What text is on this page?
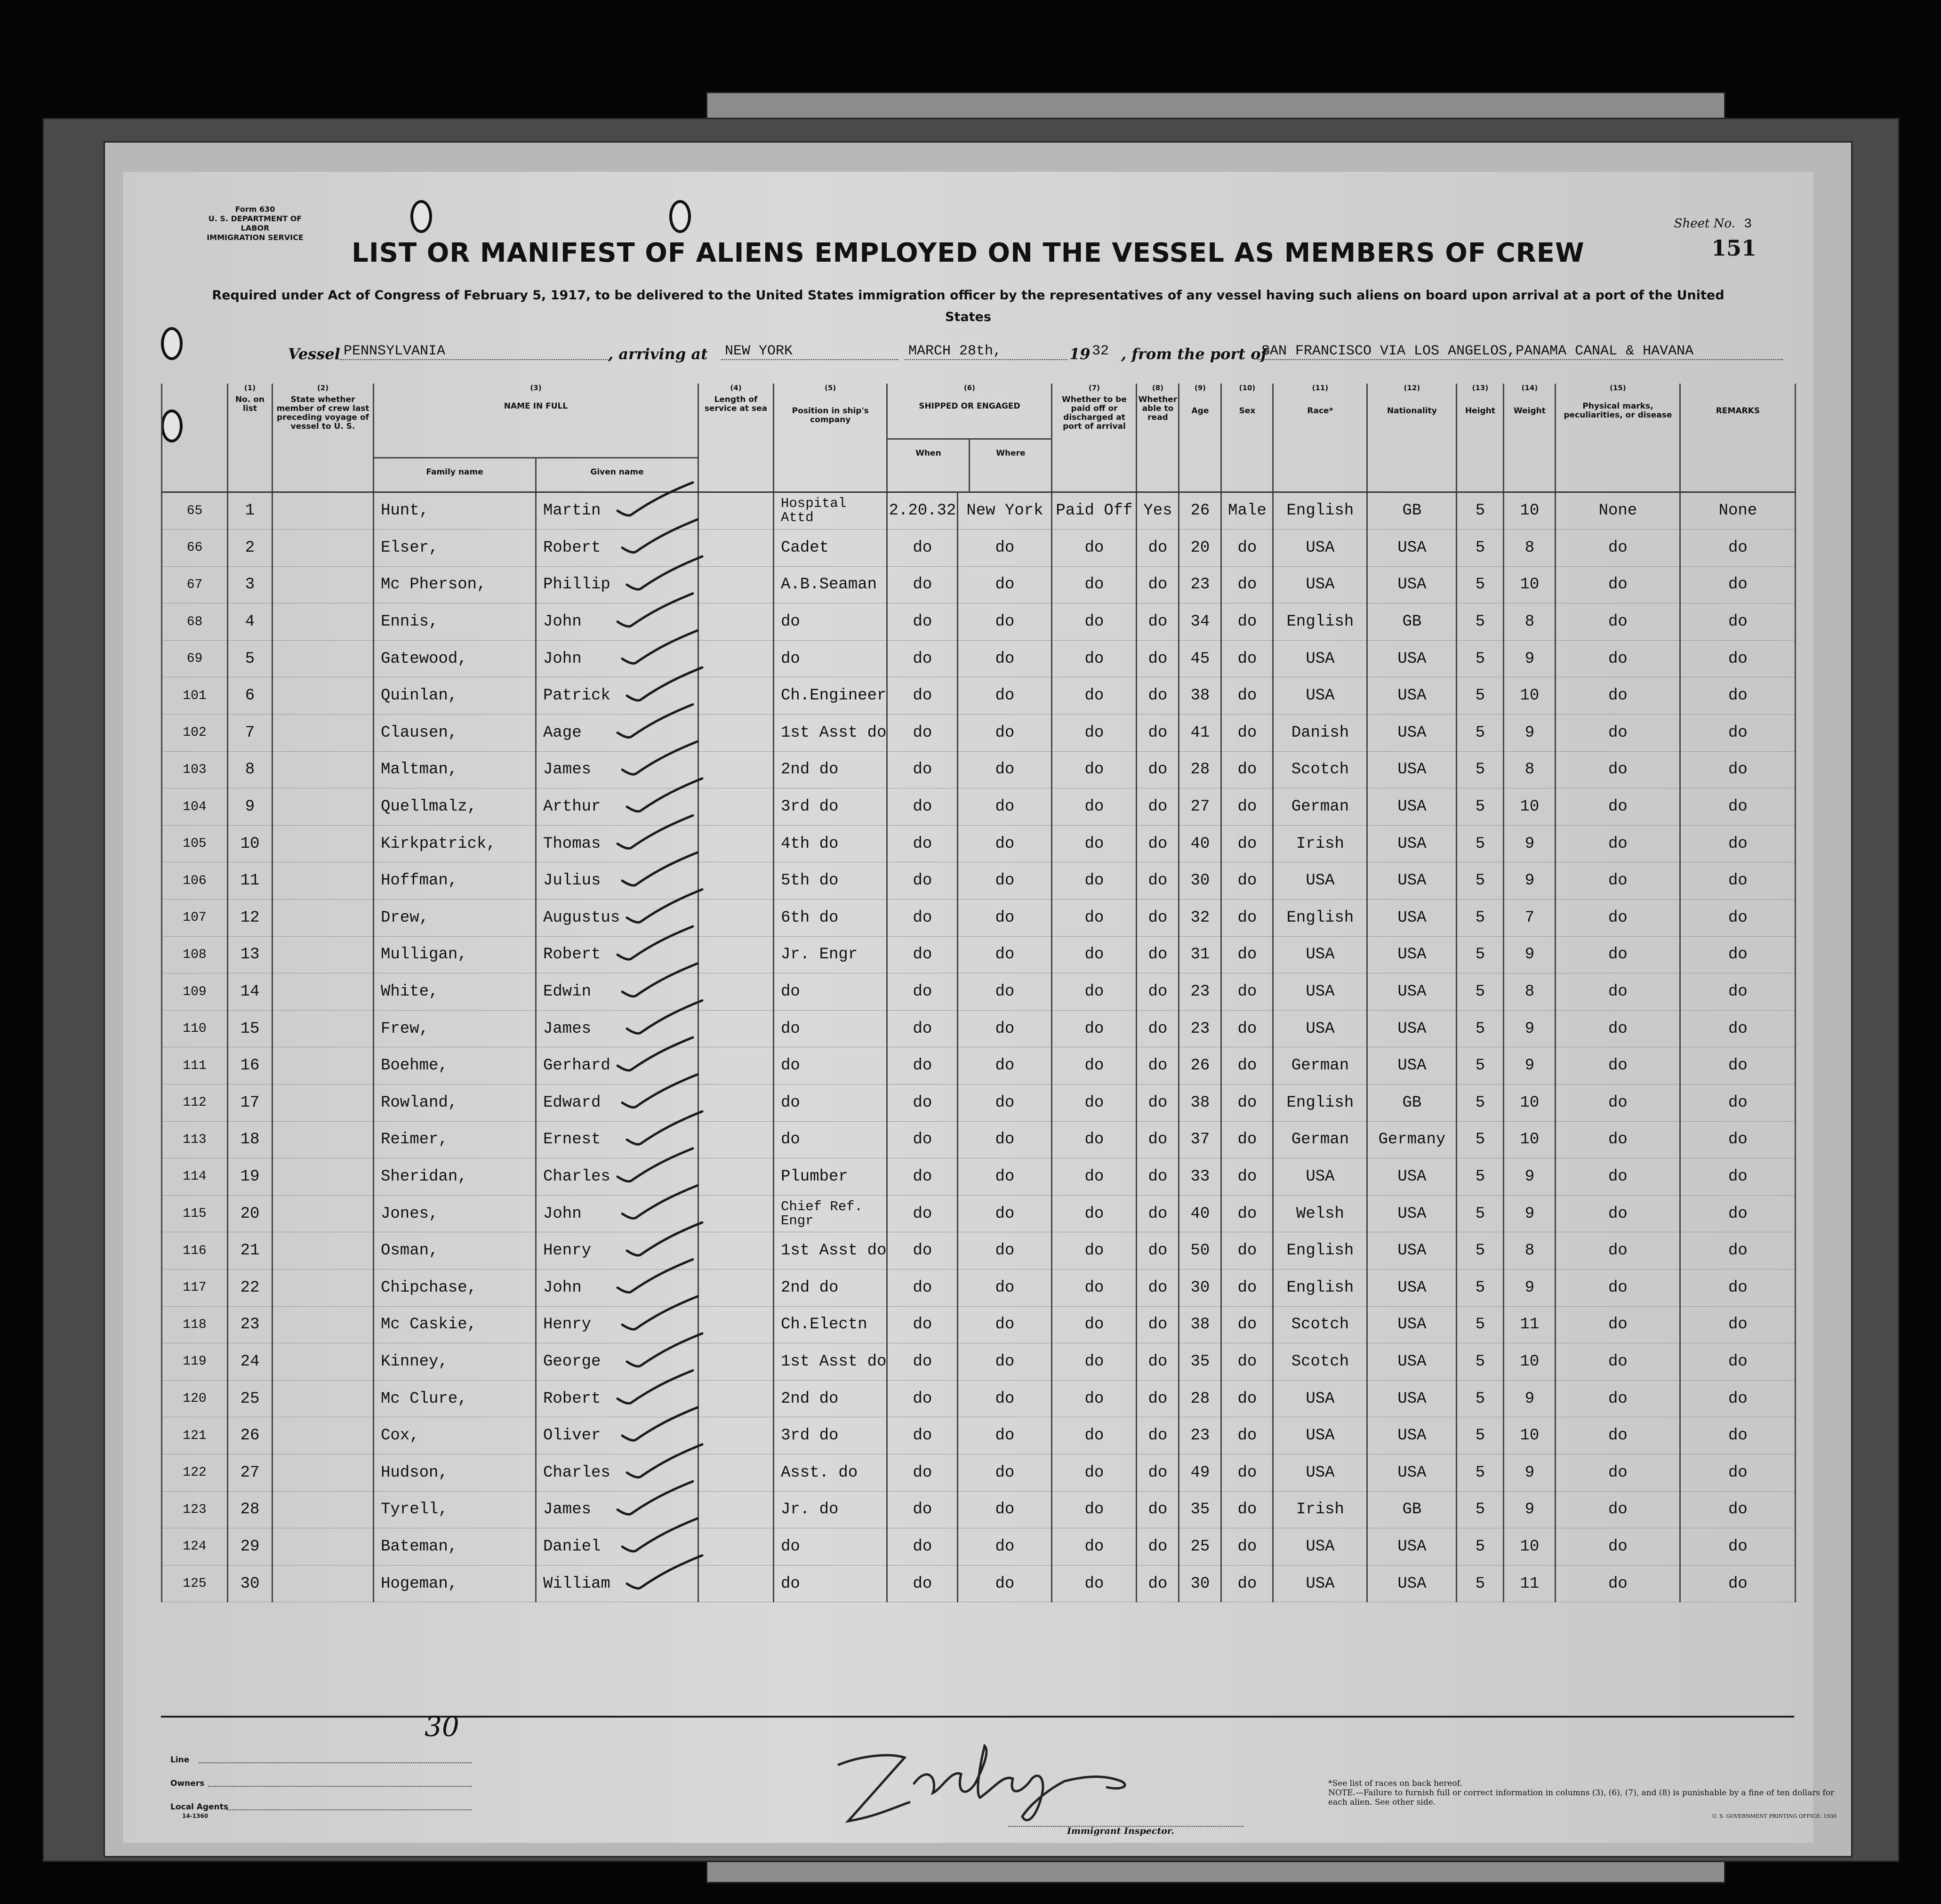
Form 630
U. S. DEPARTMENT OF LABOR
IMMIGRATION SERVICE
Sheet No. 3
151
LIST OR MANIFEST OF ALIENS EMPLOYED ON THE VESSEL AS MEMBERS OF CREW
Required under Act of Congress of February 5, 1917, to be delivered to the United States immigration officer by the representatives of any vessel having such aliens on board upon arrival at a port of the United States
Vessel PENNSYLVANIA	, arriving at NEW YORK	MARCH 28th,	19 32 , from the port of
SAN FRANCISCO VIA LOS ANGELOS,PANAMA CANAL & HAVANA

	(1)
No. on list	(2)
State whether member of crew last preceding voyage of vessel to U. S.	(3)
NAME IN FULL
Family name Given name		(4)
Length of service at sea	(5)
Position in ship's company	(6)
SHIPPED OR ENGAGED
When Where		(7)
Whether to be paid off or discharged at port of arrival	(8)
Whether able to read	(9)
Age	(10)
Sex	(11)
Race*	(12)
Nationality	(13)
Height	(14)
Weight	(15)
Physical marks, peculiarities, or disease	REMARKS

65	1		Hunt,	Martin		Hospital Attd	2.20.32	New York	Paid Off	Yes	26	Male	English	GB	5	10	None	None
66	2		Elser,	Robert		Cadet	do	do	do	do	20	do	USA	USA	5	8	do	do
67	3		Mc Pherson,	Phillip		A.B.Seaman	do	do	do	do	23	do	USA	USA	5	10	do	do
68	4		Ennis,	John		do	do	do	do	do	34	do	English	GB	5	8	do	do
69	5		Gatewood,	John		do	do	do	do	do	45	do	USA	USA	5	9	do	do
101	6		Quinlan,	Patrick		Ch.Engineer	do	do	do	do	38	do	USA	USA	5	10	do	do
102	7		Clausen,	Aage		1st Asst do	do	do	do	do	41	do	Danish	USA	5	9	do	do
103	8		Maltman,	James		2nd do	do	do	do	do	28	do	Scotch	USA	5	8	do	do
104	9		Quellmalz,	Arthur		3rd do	do	do	do	do	27	do	German	USA	5	10	do	do
105	10		Kirkpatrick,	Thomas		4th do	do	do	do	do	40	do	Irish	USA	5	9	do	do
106	11		Hoffman,	Julius		5th do	do	do	do	do	30	do	USA	USA	5	9	do	do
107	12		Drew,	Augustus		6th do	do	do	do	do	32	do	English	USA	5	7	do	do
108	13		Mulligan,	Robert		Jr. Engr	do	do	do	do	31	do	USA	USA	5	9	do	do
109	14		White,	Edwin		do	do	do	do	do	23	do	USA	USA	5	8	do	do
110	15		Frew,	James		do	do	do	do	do	23	do	USA	USA	5	9	do	do
111	16		Boehme,	Gerhard		do	do	do	do	do	26	do	German	USA	5	9	do	do
112	17		Rowland,	Edward		do	do	do	do	do	38	do	English	GB	5	10	do	do
113	18		Reimer,	Ernest		do	do	do	do	do	37	do	German	Germany	5	10	do	do
114	19		Sheridan,	Charles		Plumber	do	do	do	do	33	do	USA	USA	5	9	do	do
115	20		Jones,	John		Chief Ref. Engr	do	do	do	do	40	do	Welsh	USA	5	9	do	do
116	21		Osman,	Henry		1st Asst do	do	do	do	do	50	do	English	USA	5	8	do	do
117	22		Chipchase,	John		2nd do	do	do	do	do	30	do	English	USA	5	9	do	do
118	23		Mc Caskie,	Henry		Ch.Electn	do	do	do	do	38	do	Scotch	USA	5	11	do	do
119	24		Kinney,	George		1st Asst do	do	do	do	do	35	do	Scotch	USA	5	10	do	do
120	25		Mc Clure,	Robert		2nd do	do	do	do	do	28	do	USA	USA	5	9	do	do
121	26		Cox,	Oliver		3rd do	do	do	do	do	23	do	USA	USA	5	10	do	do
122	27		Hudson,	Charles		Asst. do	do	do	do	do	49	do	USA	USA	5	9	do	do
123	28		Tyrell,	James		Jr. do	do	do	do	do	35	do	Irish	GB	5	9	do	do
124	29		Bateman,	Daniel		do	do	do	do	do	25	do	USA	USA	5	10	do	do
125	30		Hogeman,	William		do	do	do	do	do	30	do	USA	USA	5	11	do	do
30
Line
Owners
Local Agents
14-1360
Immigrant Inspector.
*See list of races on back hereof.
NOTE.—Failure to furnish full or correct information in columns (3), (6), (7), and (8) is punishable by a fine of ten dollars for each alien. See other side.
U. S. GOVERNMENT PRINTING OFFICE: 1930
